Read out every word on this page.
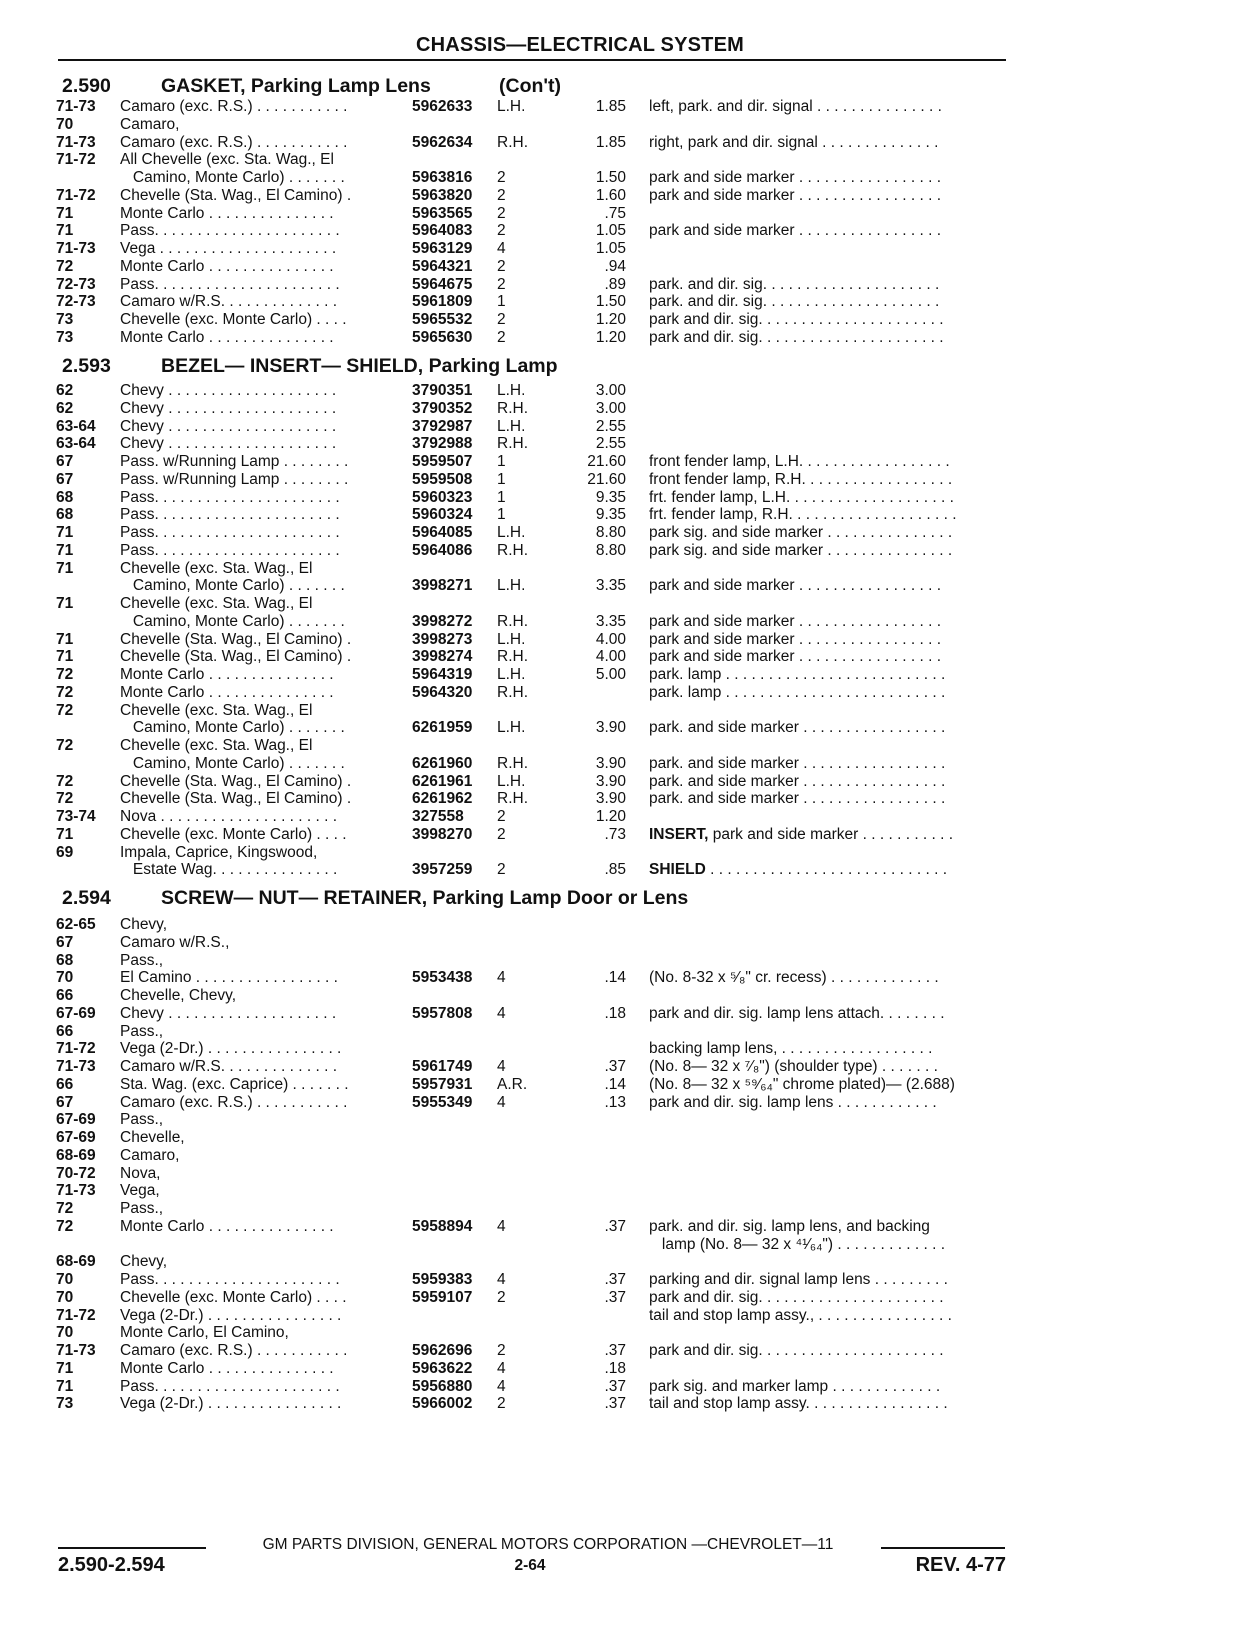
CHASSIS—ELECTRICAL SYSTEM
2.590	GASKET, Parking Lamp Lens	(Con't)
71-73 Camaro (exc. R.S.) . . . . . . . . . . .	5962633 L.H.	1.85 left, park. and dir. signal . . . . . . . . . . . . . . .
70	Camaro,
71-73 Camaro (exc. R.S.) . . . . . . . . . . .	5962634 R.H.	1.85 right, park and dir. signal . . . . . . . . . . . . . .
71-72 All Chevelle (exc. Sta. Wag., El
Camino, Monte Carlo) . . . . . . .	5963816 2	1.50 park and side marker . . . . . . . . . . . . . . . . .
71-72 Chevelle (Sta. Wag., El Camino) .	5963820 2	1.60 park and side marker . . . . . . . . . . . . . . . . .
71	Monte Carlo . . . . . . . . . . . . . . .	5963565 2	.75
71	Pass. . . . . . . . . . . . . . . . . . . . . .	5964083 2	1.05 park and side marker . . . . . . . . . . . . . . . . .
71-73 Vega . . . . . . . . . . . . . . . . . . . . .	5963129 4	1.05
72	Monte Carlo . . . . . . . . . . . . . . .	5964321 2	.94
72-73 Pass. . . . . . . . . . . . . . . . . . . . . .	5964675 2	.89 park. and dir. sig. . . . . . . . . . . . . . . . . . . . .
72-73 Camaro w/R.S. . . . . . . . . . . . . .	5961809 1	1.50 park. and dir. sig. . . . . . . . . . . . . . . . . . . . .
73	Chevelle (exc. Monte Carlo) . . . .	5965532 2	1.20 park and dir. sig. . . . . . . . . . . . . . . . . . . . . .
73	Monte Carlo . . . . . . . . . . . . . . .	5965630 2	1.20 park and dir. sig. . . . . . . . . . . . . . . . . . . . . .
2.593	BEZEL— INSERT— SHIELD, Parking Lamp
62	Chevy . . . . . . . . . . . . . . . . . . . .	3790351 L.H.	3.00
62	Chevy . . . . . . . . . . . . . . . . . . . .	3790352 R.H.	3.00
63-64 Chevy . . . . . . . . . . . . . . . . . . . .	3792987 L.H.	2.55
63-64 Chevy . . . . . . . . . . . . . . . . . . . .	3792988 R.H.	2.55
67	Pass. w/Running Lamp . . . . . . . .	5959507 1	21.60 front fender lamp, L.H. . . . . . . . . . . . . . . . . .
67	Pass. w/Running Lamp . . . . . . . .	5959508 1	21.60 front fender lamp, R.H. . . . . . . . . . . . . . . . . .
68	Pass. . . . . . . . . . . . . . . . . . . . . .	5960323 1	9.35 frt. fender lamp, L.H. . . . . . . . . . . . . . . . . . . .
68	Pass. . . . . . . . . . . . . . . . . . . . . .	5960324 1	9.35 frt. fender lamp, R.H. . . . . . . . . . . . . . . . . . . .
71	Pass. . . . . . . . . . . . . . . . . . . . . .	5964085 L.H.	8.80 park sig. and side marker . . . . . . . . . . . . . . .
71	Pass. . . . . . . . . . . . . . . . . . . . . .	5964086 R.H.	8.80 park sig. and side marker . . . . . . . . . . . . . . .
71	Chevelle (exc. Sta. Wag., El
Camino, Monte Carlo) . . . . . . .	3998271 L.H.	3.35 park and side marker . . . . . . . . . . . . . . . . .
71	Chevelle (exc. Sta. Wag., El
Camino, Monte Carlo) . . . . . . .	3998272 R.H.	3.35 park and side marker . . . . . . . . . . . . . . . . .
71	Chevelle (Sta. Wag., El Camino) .	3998273 L.H.	4.00 park and side marker . . . . . . . . . . . . . . . . .
71	Chevelle (Sta. Wag., El Camino) .	3998274 R.H.	4.00 park and side marker . . . . . . . . . . . . . . . . .
72	Monte Carlo . . . . . . . . . . . . . . .	5964319 L.H.	5.00 park. lamp . . . . . . . . . . . . . . . . . . . . . . . . . .
72	Monte Carlo . . . . . . . . . . . . . . .	5964320 R.H.	park. lamp . . . . . . . . . . . . . . . . . . . . . . . . . .
72	Chevelle (exc. Sta. Wag., El
Camino, Monte Carlo) . . . . . . .	6261959 L.H.	3.90 park. and side marker . . . . . . . . . . . . . . . . .
72	Chevelle (exc. Sta. Wag., El
Camino, Monte Carlo) . . . . . . .	6261960 R.H.	3.90 park. and side marker . . . . . . . . . . . . . . . . .
72	Chevelle (Sta. Wag., El Camino) .	6261961 L.H.	3.90 park. and side marker . . . . . . . . . . . . . . . . .
72	Chevelle (Sta. Wag., El Camino) .	6261962 R.H.	3.90 park. and side marker . . . . . . . . . . . . . . . . .
73-74 Nova . . . . . . . . . . . . . . . . . . . . .	327558 2	1.20
71	Chevelle (exc. Monte Carlo) . . . .	3998270 2	.73 INSERT, park and side marker . . . . . . . . . . .
69	Impala, Caprice, Kingswood,
Estate Wag. . . . . . . . . . . . . . .	3957259 2	.85 SHIELD . . . . . . . . . . . . . . . . . . . . . . . . . . . .
2.594	SCREW— NUT— RETAINER, Parking Lamp Door or Lens
62-65 Chevy,
67	Camaro w/R.S.,
68	Pass.,
70	El Camino . . . . . . . . . . . . . . . . .	5953438 4	.14 (No. 8-32 x ⁵⁄₈" cr. recess) . . . . . . . . . . . . .
66	Chevelle, Chevy,
67-69 Chevy . . . . . . . . . . . . . . . . . . . .	5957808 4	.18 park and dir. sig. lamp lens attach. . . . . . . .
66	Pass.,
71-72 Vega (2-Dr.) . . . . . . . . . . . . . . . .	backing lamp lens, . . . . . . . . . . . . . . . . . .
71-73 Camaro w/R.S. . . . . . . . . . . . . .	5961749 4	.37 (No. 8— 32 x ⁷⁄₈") (shoulder type) . . . . . . .
66	Sta. Wag. (exc. Caprice) . . . . . . .	5957931 A.R.	.14 (No. 8— 32 x ⁵⁹⁄₆₄" chrome plated)— (2.688)
67	Camaro (exc. R.S.) . . . . . . . . . . .	5955349 4	.13 park and dir. sig. lamp lens . . . . . . . . . . . .
67-69 Pass.,
67-69 Chevelle,
68-69 Camaro,
70-72 Nova,
71-73 Vega,
72	Pass.,
72	Monte Carlo . . . . . . . . . . . . . . .	5958894 4	.37 park. and dir. sig. lamp lens, and backing
lamp (No. 8— 32 x ⁴¹⁄₆₄") . . . . . . . . . . . . .
68-69 Chevy,
70	Pass. . . . . . . . . . . . . . . . . . . . . .	5959383 4	.37 parking and dir. signal lamp lens . . . . . . . . .
70	Chevelle (exc. Monte Carlo) . . . .	5959107 2	.37 park and dir. sig. . . . . . . . . . . . . . . . . . . . . .
71-72 Vega (2-Dr.) . . . . . . . . . . . . . . . .	tail and stop lamp assy., . . . . . . . . . . . . . . . .
70	Monte Carlo, El Camino,
71-73 Camaro (exc. R.S.) . . . . . . . . . . .	5962696 2	.37 park and dir. sig. . . . . . . . . . . . . . . . . . . . . .
71	Monte Carlo . . . . . . . . . . . . . . .	5963622 4	.18
71	Pass. . . . . . . . . . . . . . . . . . . . . .	5956880 4	.37 park sig. and marker lamp . . . . . . . . . . . . .
73	Vega (2-Dr.) . . . . . . . . . . . . . . . .	5966002 2	.37 tail and stop lamp assy. . . . . . . . . . . . . . . . .
GM PARTS DIVISION, GENERAL MOTORS CORPORATION —CHEVROLET—11
2.590-2.594	2-64	REV. 4-77
